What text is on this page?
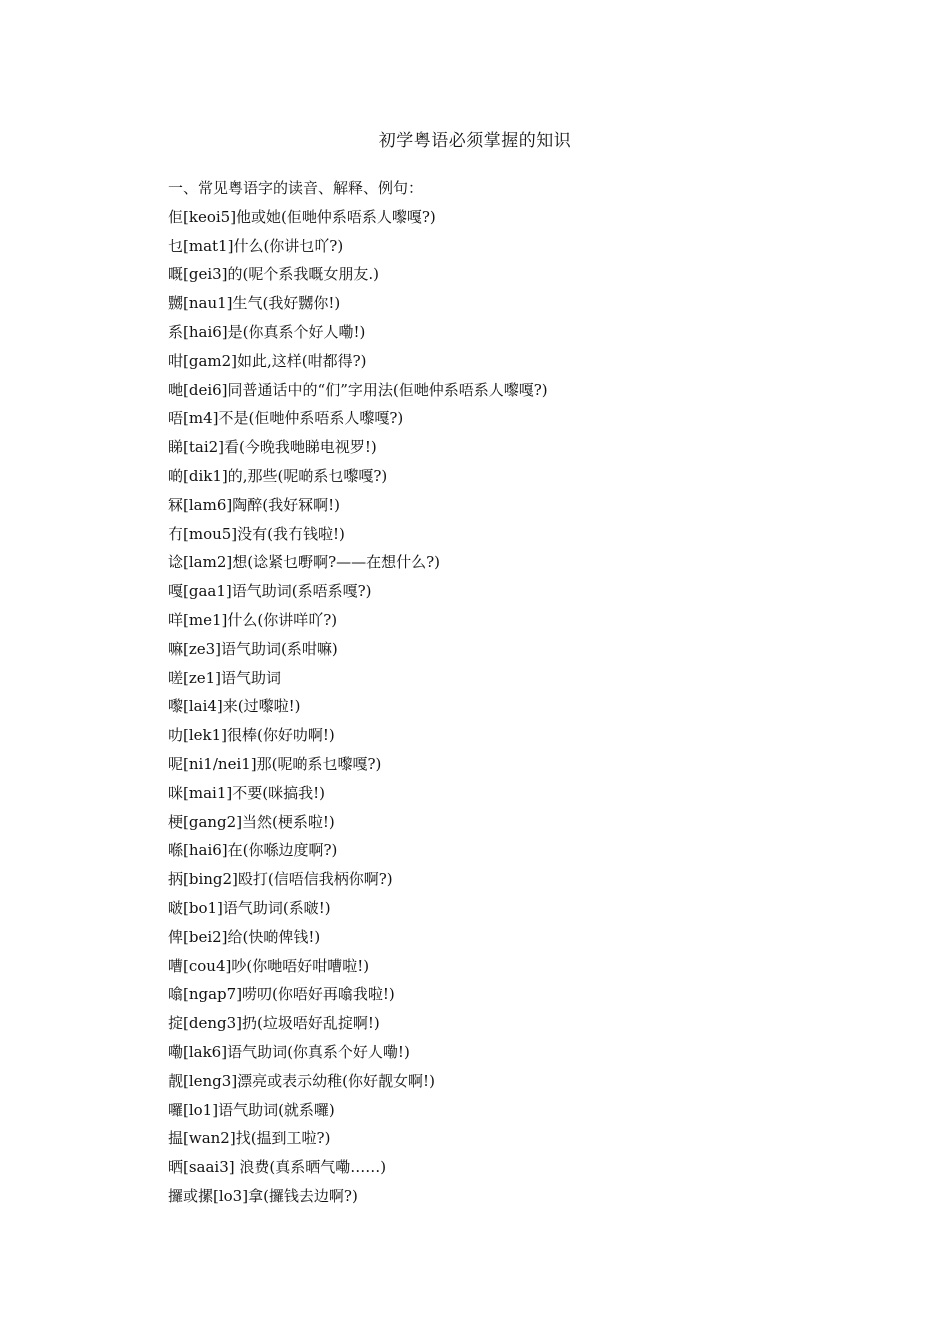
初学粤语必须掌握的知识
一、常见粤语字的读音、解释、例句：
佢[keoi5]他或她(佢哋仲系唔系人嚟嘎?)
乜[mat1]什么(你讲乜吖?)
嘅[gei3]的(呢个系我嘅女朋友.)
嬲[nau1]生气(我好嬲你!)
系[hai6]是(你真系个好人嘞!)
咁[gam2]如此,这样(咁都得?)
哋[dei6]同普通话中的“们”字用法(佢哋仲系唔系人嚟嘎?)
唔[m4]不是(佢哋仲系唔系人嚟嘎?)
睇[tai2]看(今晚我哋睇电视罗!)
啲[dik1]的,那些(呢啲系乜嚟嘎?)
冧[lam6]陶醉(我好冧啊!)
冇[mou5]没有(我冇钱啦!)
谂[lam2]想(谂紧乜嘢啊?——在想什么?)
嘎[gaa1]语气助词(系唔系嘎?)
咩[me1]什么(你讲咩吖?)
嘛[ze3]语气助词(系咁嘛)
嗟[ze1]语气助词
嚟[lai4]来(过嚟啦!)
叻[lek1]很棒(你好叻啊!)
呢[ni1/nei1]那(呢啲系乜嚟嘎?)
咪[mai1]不要(咪搞我!)
梗[gang2]当然(梗系啦!)
喺[hai6]在(你喺边度啊?)
抦[bing2]殴打(信唔信我柄你啊?)
啵[bo1]语气助词(系啵!)
俾[bei2]给(快啲俾钱!)
嘈[cou4]吵(你哋唔好咁嘈啦!)
噏[ngap7]唠叨(你唔好再噏我啦!)
掟[deng3]扔(垃圾唔好乱掟啊!)
嘞[lak6]语气助词(你真系个好人嘞!)
靓[leng3]漂亮或表示幼稚(你好靓女啊!)
囉[lo1]语气助词(就系囉)
揾[wan2]找(揾到工啦?)
晒[saai3] 浪费(真系晒气嘞……)
攞或摞[lo3]拿(攞钱去边啊?)
